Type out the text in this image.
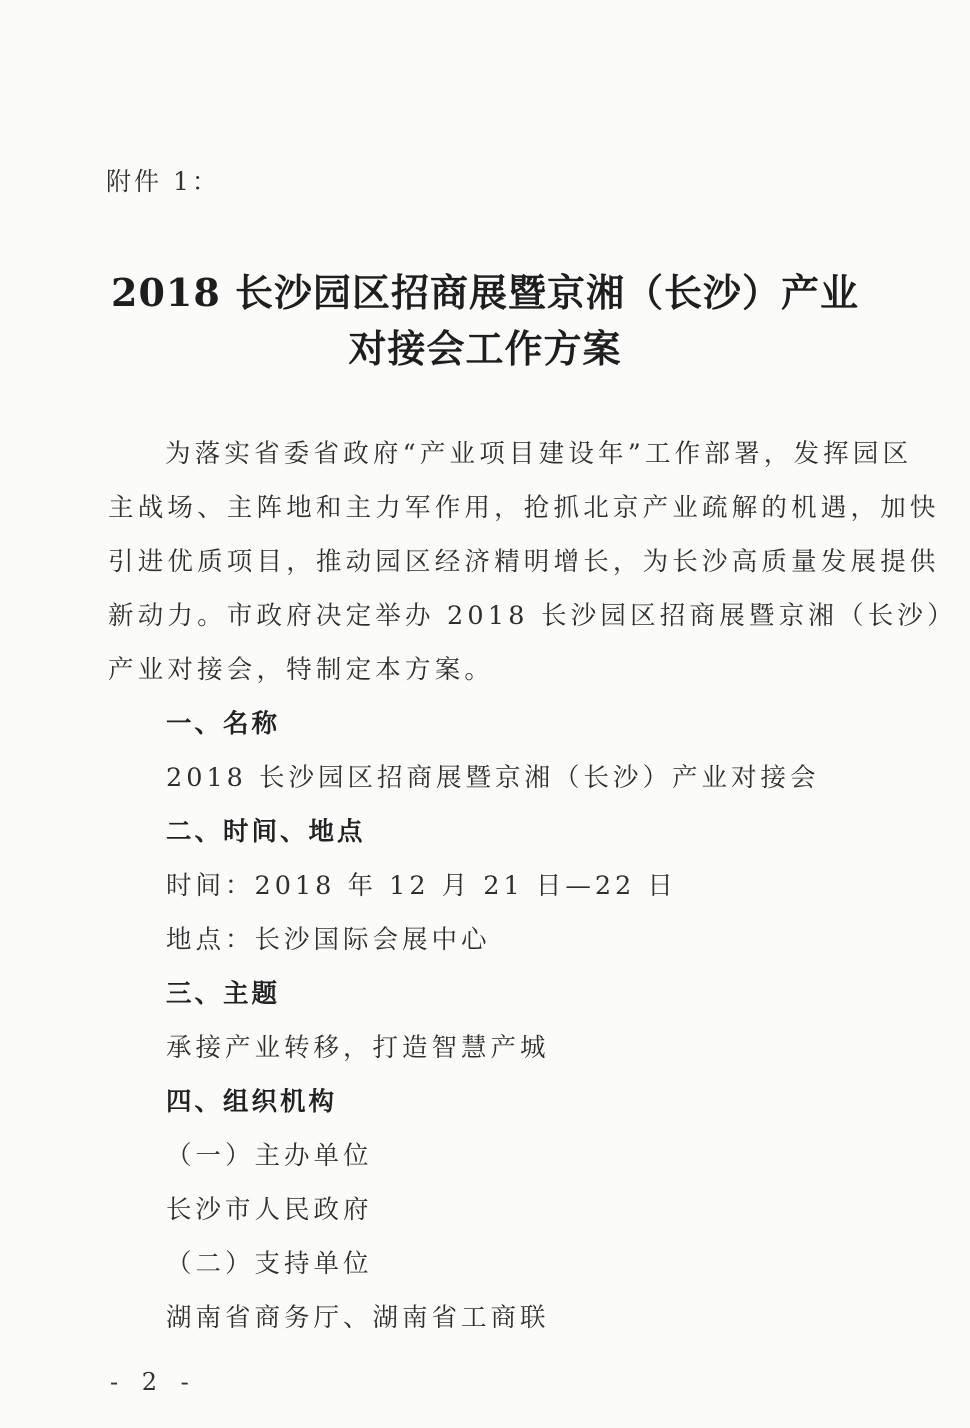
附件 1：
2018 长沙园区招商展暨京湘（长沙）产业
对接会工作方案
为落实省委省政府“产业项目建设年”工作部署，发挥园区
主战场、主阵地和主力军作用，抢抓北京产业疏解的机遇，加快
引进优质项目，推动园区经济精明增长，为长沙高质量发展提供
新动力。市政府决定举办 2018 长沙园区招商展暨京湘（长沙）
产业对接会，特制定本方案。
一、名称
2018 长沙园区招商展暨京湘（长沙）产业对接会
二、时间、地点
时间：2018 年 12 月 21 日—22 日
地点：长沙国际会展中心
三、主题
承接产业转移，打造智慧产城
四、组织机构
（一）主办单位
长沙市人民政府
（二）支持单位
湖南省商务厅、湖南省工商联
- 2 -
